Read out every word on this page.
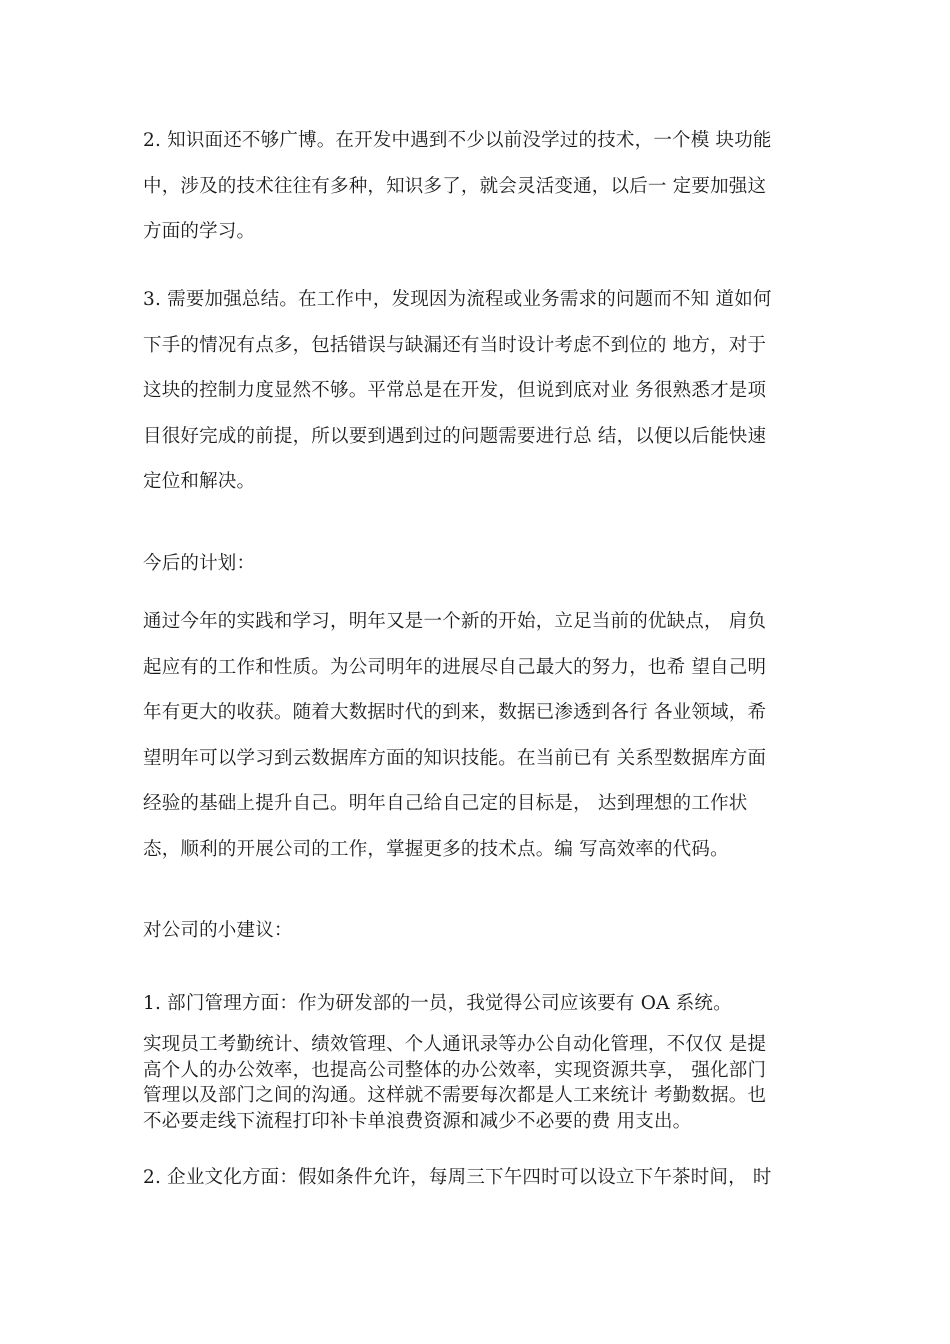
2. 知识面还不够广博。在开发中遇到不少以前没学过的技术，一个模 块功能
中，涉及的技术往往有多种，知识多了，就会灵活变通，以后一 定要加强这
方面的学习。

3. 需要加强总结。在工作中，发现因为流程或业务需求的问题而不知 道如何
下手的情况有点多，包括错误与缺漏还有当时设计考虑不到位的 地方，对于
这块的控制力度显然不够。平常总是在开发，但说到底对业 务很熟悉才是项
目很好完成的前提，所以要到遇到过的问题需要进行总 结，以便以后能快速
定位和解决。

今后的计划：

通过今年的实践和学习，明年又是一个新的开始，立足当前的优缺点， 肩负
起应有的工作和性质。为公司明年的进展尽自己最大的努力，也希 望自己明
年有更大的收获。随着大数据时代的到来，数据已渗透到各行 各业领域，希
望明年可以学习到云数据库方面的知识技能。在当前已有 关系型数据库方面
经验的基础上提升自己。明年自己给自己定的目标是， 达到理想的工作状
态，顺利的开展公司的工作，掌握更多的技术点。编 写高效率的代码。

对公司的小建议：

1. 部门管理方面：作为研发部的一员，我觉得公司应该要有 OA 系统。

实现员工考勤统计、绩效管理、个人通讯录等办公自动化管理，不仅仅 是提
高个人的办公效率，也提高公司整体的办公效率，实现资源共享， 强化部门
管理以及部门之间的沟通。这样就不需要每次都是人工来统计 考勤数据。也
不必要走线下流程打印补卡单浪费资源和减少不必要的费 用支出。

2. 企业文化方面：假如条件允许，每周三下午四时可以设立下午茶时间， 时
